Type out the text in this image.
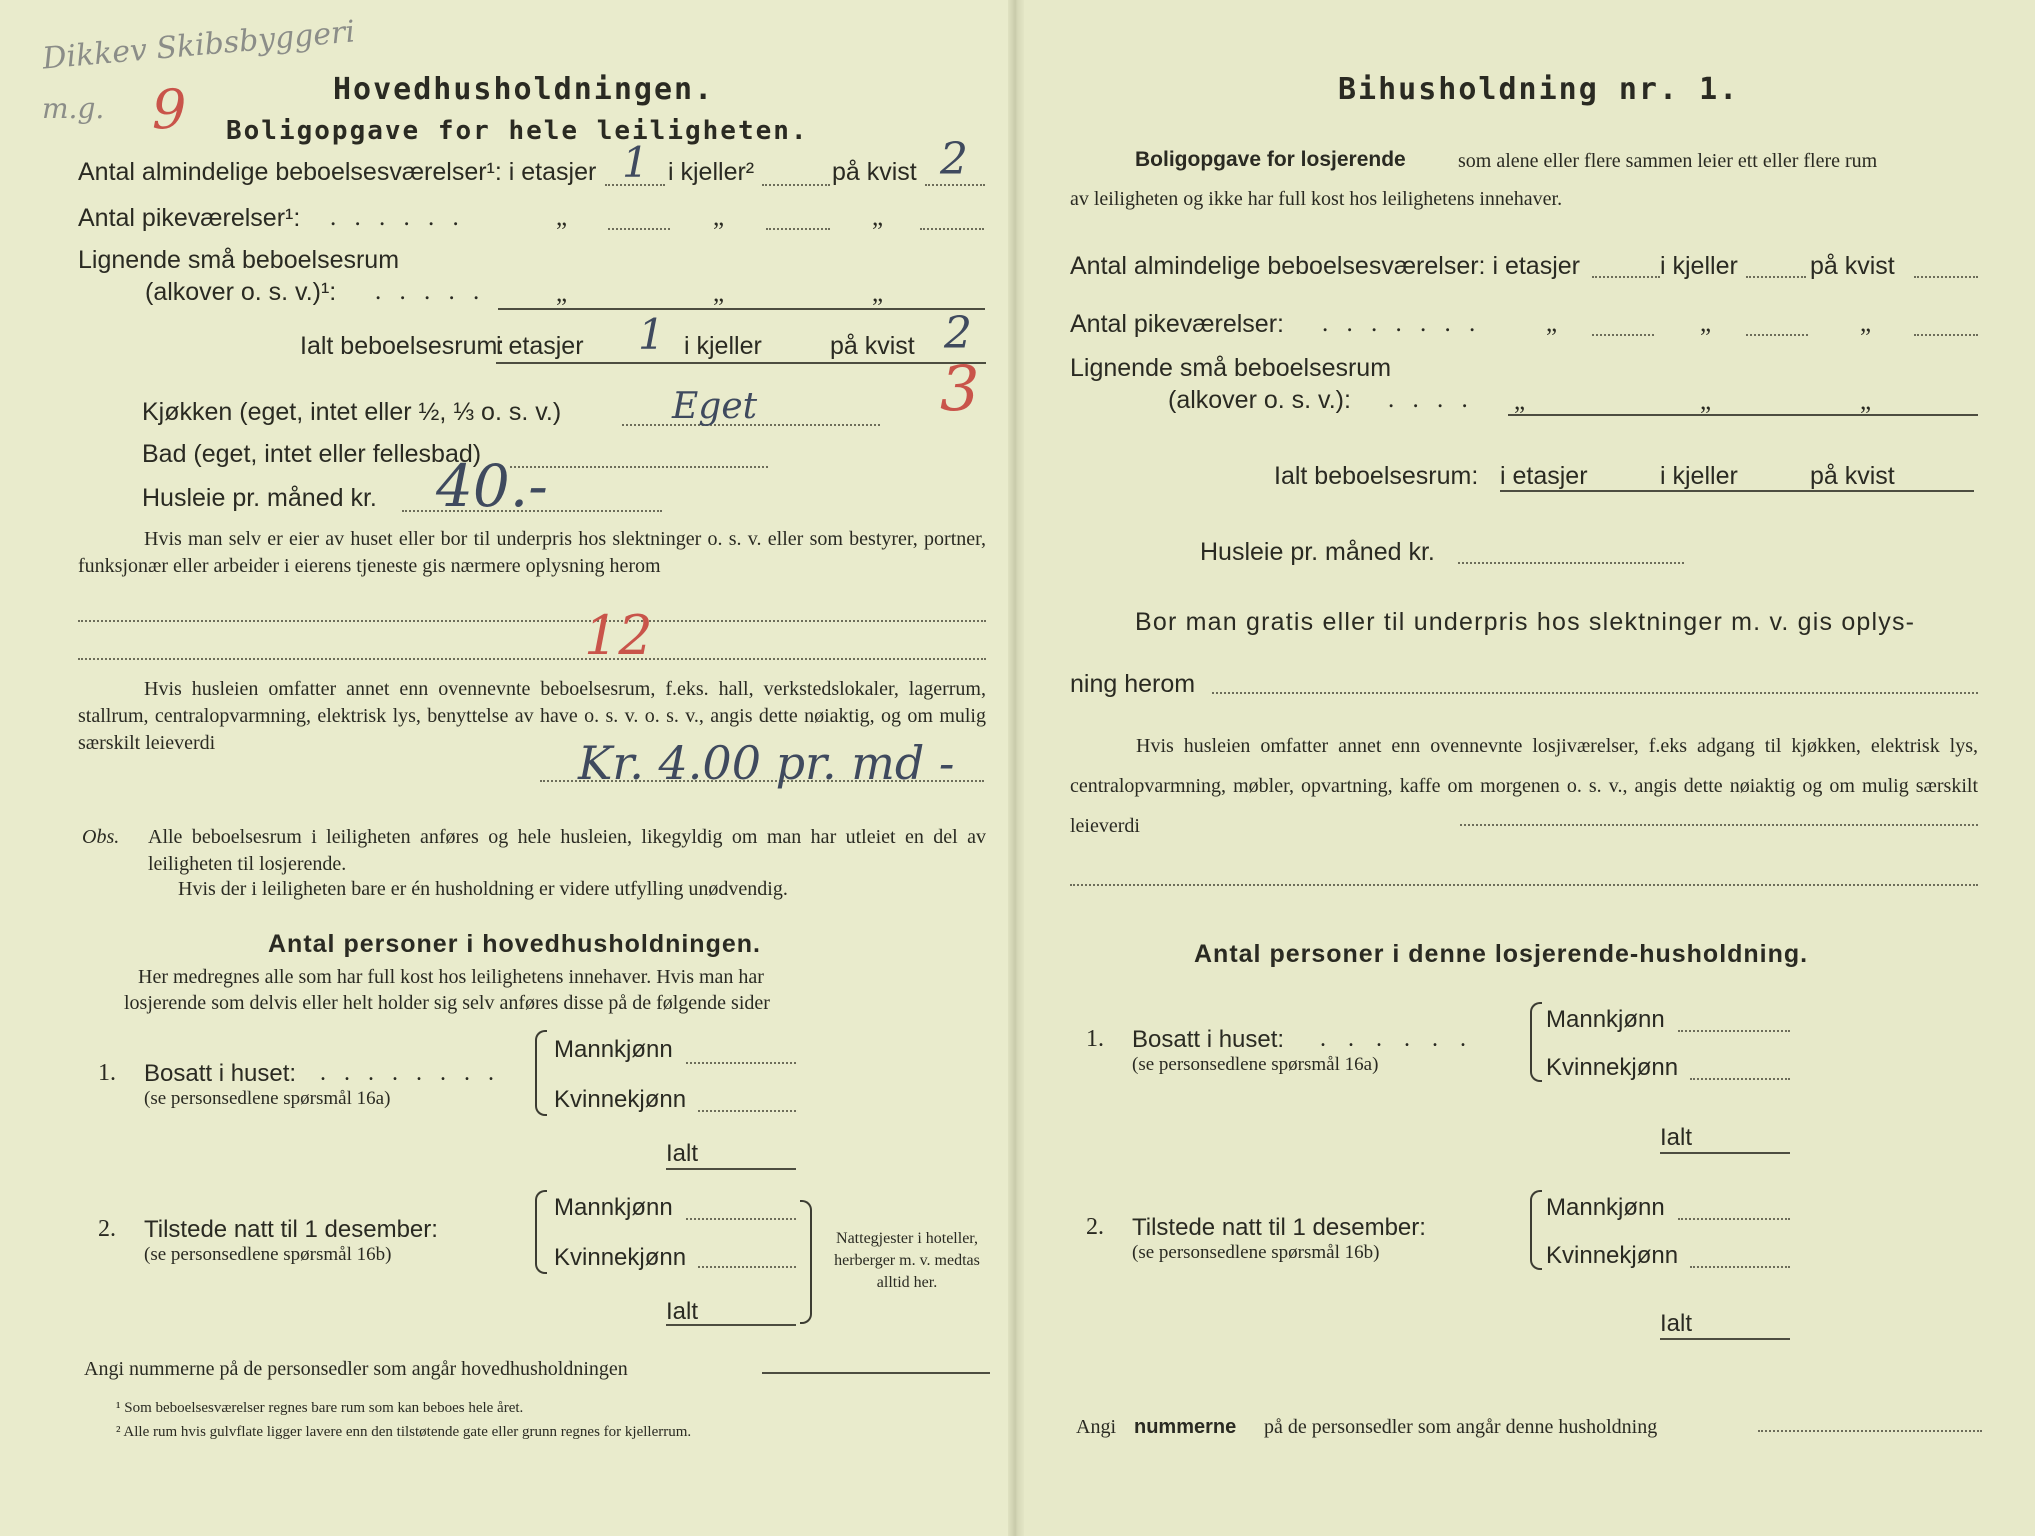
Dikkev Skibsbyggeri
m.g. 9	Hovedhusholdningen.
Boligopgave for hele leiligheten.
Antal almindelige beboelsesværelser¹: i etasjer 1 i kjeller²	på kvist 2
Antal pikeværelser¹: . . . . . .	„	„	„
Lignende små beboelsesrum
(alkover o. s. v.)¹: . . . . .	„	„	„
Ialt beboelsesrum:
i etasjer 1 i kjeller	på kvist 2
3
Kjøkken (eget, intet eller ½, ⅓ o. s. v.)	Eget
Bad (eget, intet eller fellesbad)
Husleie pr. måned kr. 40.-
Hvis man selv er eier av huset eller bor til underpris hos slektninger o. s. v. eller som bestyrer, portner, funksjonær eller arbeider i eierens tjeneste gis nærmere oplysning herom
12
Hvis husleien omfatter annet enn ovennevnte beboelsesrum, f.eks. hall, verkstedslokaler, lagerrum, stallrum, centralopvarmning, elektrisk lys, benyttelse av have o. s. v. o. s. v., angis dette nøiaktig, og om mulig særskilt leieverdi	Kr. 4.00 pr. md -
Obs. Alle beboelsesrum i leiligheten anføres og hele husleien, likegyldig om man har utleiet en del av leiligheten til losjerende.
Hvis der i leiligheten bare er én husholdning er videre utfylling unødvendig.
Antal personer i hovedhusholdningen.
Her medregnes alle som har full kost hos leilighetens innehaver. Hvis man har
losjerende som delvis eller helt holder sig selv anføres disse på de følgende sider
1. Bosatt i huset: . . . . . . . .
(se personsedlene spørsmål 16a)
Mannkjønn
Kvinnekjønn
Ialt
2. Tilstede natt til 1 desember:
(se personsedlene spørsmål 16b)
Mannkjønn
Kvinnekjønn
Ialt
Nattegjester i hoteller, herberger m. v. medtas alltid her.
Angi nummerne på de personsedler som angår hovedhusholdningen
¹ Som beboelsesværelser regnes bare rum som kan beboes hele året.
² Alle rum hvis gulvflate ligger lavere enn den tilstøtende gate eller grunn regnes for kjellerrum.
Bihusholdning nr. 1.
Boligopgave for losjerende	som alene eller flere sammen leier ett eller flere rum
av leiligheten og ikke har full kost hos leilighetens innehaver.
Antal almindelige beboelsesværelser: i etasjer	i kjeller	på kvist
Antal pikeværelser: . . . . . . .	„	„	„
Lignende små beboelsesrum
(alkover o. s. v.): . . . . „	„	„
Ialt beboelsesrum: i etasjer	i kjeller	på kvist
Husleie pr. måned kr.
Bor man gratis eller til underpris hos slektninger m. v. gis oplys-
ning herom
Hvis husleien omfatter annet enn ovennevnte losjiværelser, f.eks adgang til kjøkken, elektrisk lys, centralopvarmning, møbler, opvartning, kaffe om morgenen o. s. v., angis dette nøiaktig og om mulig særskilt leieverdi
Antal personer i denne losjerende-husholdning.
1. Bosatt i huset: . . . . . .
(se personsedlene spørsmål 16a)
Mannkjønn
Kvinnekjønn
Ialt
2. Tilstede natt til 1 desember:
(se personsedlene spørsmål 16b)
Mannkjønn
Kvinnekjønn
Ialt
Angi nummerne på de personsedler som angår denne husholdning
